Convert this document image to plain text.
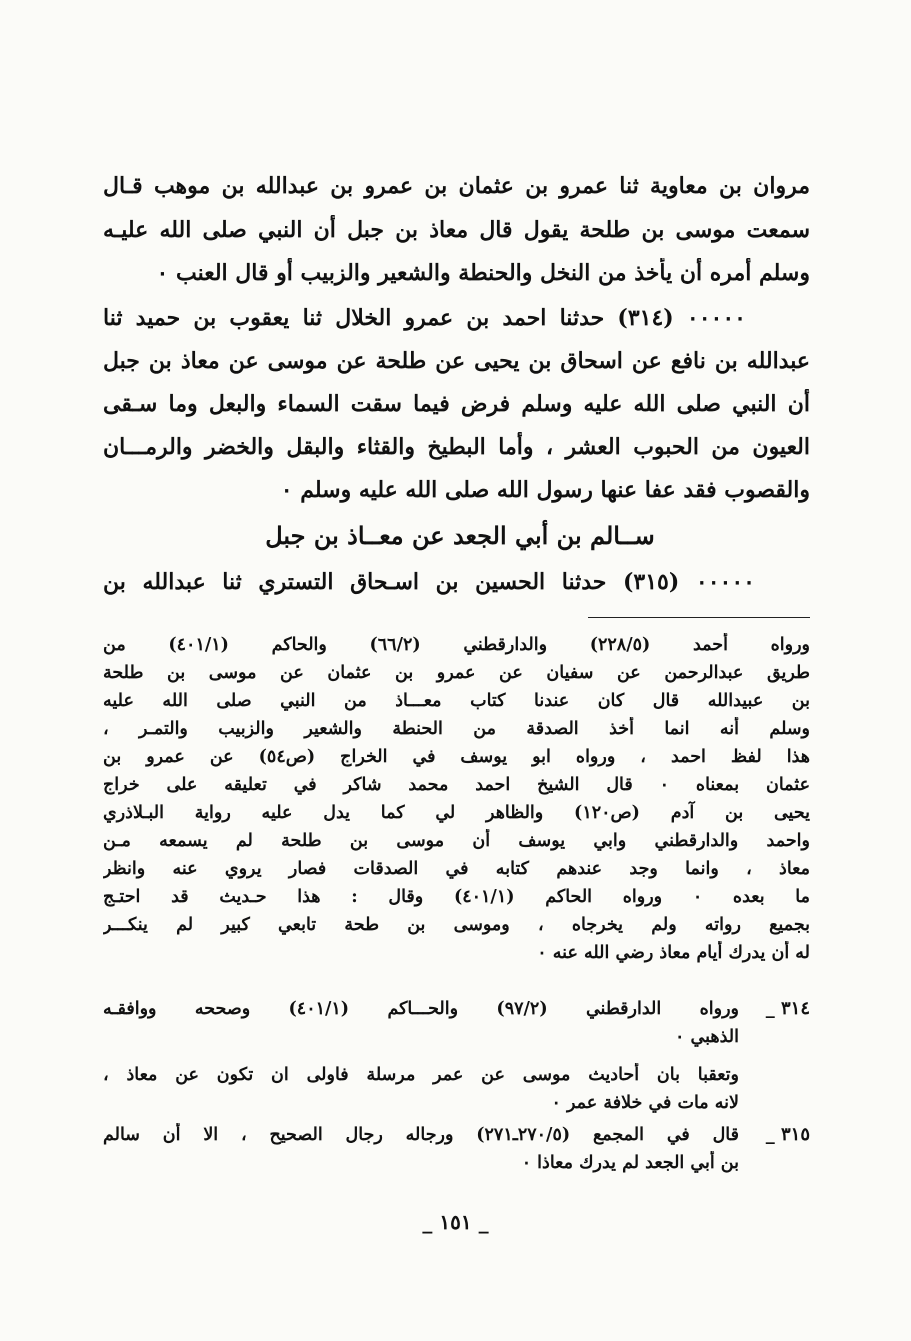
مروان بن معاوية ثنا عمرو بن عثمان بن عمرو بن عبدالله بن موهب قـال
سمعت موسى بن طلحة يقول قال معاذ بن جبل أن النبي صلى الله عليـه
وسلم أمره أن يأخذ من النخل والحنطة والشعير والزبيب أو قال العنب ٠
٠٠٠٠٠ (٣١٤) حدثنا احمد بن عمرو الخلال ثنا يعقوب بن حميد ثنا
عبدالله بن نافع عن اسحاق بن يحيى عن طلحة عن موسى عن معاذ بن جبل
أن النبي صلى الله عليه وسلم فرض فيما سقت السماء والبعل وما سـقى
العيون من الحبوب العشر ، وأما البطيخ والقثاء والبقل والخضر والرمـــان
والقصوب فقد عفا عنها رسول الله صلى الله عليه وسلم ٠
ســالم بن أبي الجعد عن معــاذ بن جبل
٠٠٠٠٠ (٣١٥) حدثنا الحسين بن اسـحاق التستري ثنا عبدالله بن
ورواه أحمد (٢٢٨/٥) والدارقطني (٦٦/٢) والحاكم (٤٠١/١) من
طريق عبدالرحمن عن سفيان عن عمرو بن عثمان عن موسى بن طلحة
بن عبيدالله قال كان عندنا كتاب معـــاذ من النبي صلى الله عليه
وسلم أنه انما أخذ الصدقة من الحنطة والشعير والزبيب والتمـر ،
هذا لفظ احمد ، ورواه ابو يوسف في الخراج (ص٥٤) عن عمرو بن
عثمان بمعناه ٠ قال الشيخ احمد محمد شاكر في تعليقه على خراج
يحيى بن آدم (ص١٢٠) والظاهر لي كما يدل عليه رواية البـلاذري
واحمد والدارقطني وابي يوسف أن موسى بن طلحة لم يسمعه مـن
معاذ ، وانما وجد عندهم كتابه في الصدقات فصار يروي عنه وانظر
ما بعده ٠ ورواه الحاكم (٤٠١/١) وقال : هذا حـديث قد احتـج
بجميع رواته ولم يخرجاه ، وموسى بن طحة تابعي كبير لم ينكـــر
له أن يدرك أيام معاذ رضي الله عنه ٠
٣١٤ _
ورواه الدارقطني (٩٧/٢) والحـــاكم (٤٠١/١) وصححه ووافقـه
الذهبي ٠
وتعقبا بان أحاديث موسى عن عمر مرسلة فاولى ان تكون عن معاذ ،
لانه مات في خلافة عمر ٠
٣١٥ _
قال في المجمع (٢٧٠/٥ـ٢٧١) ورجاله رجال الصحيح ، الا أن سالم
بن أبي الجعد لم يدرك معاذا ٠
_ ١٥١ _
